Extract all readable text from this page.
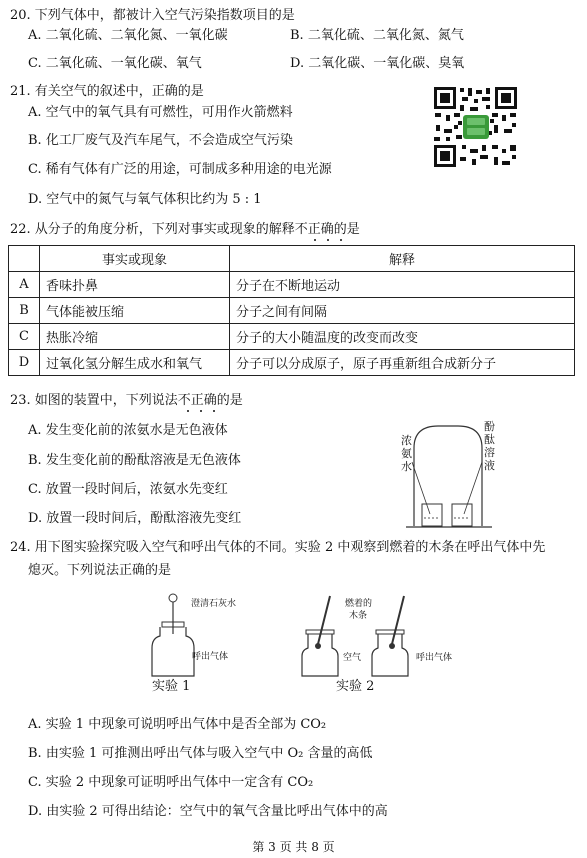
20. 下列气体中，都被计入空气污染指数项目的是
A. 二氧化硫、二氧化氮、一氧化碳	B. 二氧化硫、二氧化氮、氮气
C. 二氧化硫、一氧化碳、氧气	D. 二氧化碳、一氧化碳、臭氧
21. 有关空气的叙述中，正确的是
A. 空气中的氧气具有可燃性，可用作火箭燃料
B. 化工厂废气及汽车尾气，不会造成空气污染
C. 稀有气体有广泛的用途，可制成多种用途的电光源
D. 空气中的氮气与氧气体积比约为 5 : 1
22. 从分子的角度分析，下列对事实或现象的解释不正确的是
	事实或现象	解释
A	香味扑鼻	分子在不断地运动
B	气体能被压缩	分子之间有间隔
C	热胀冷缩	分子的大小随温度的改变而改变
D	过氧化氢分解生成水和氧气	分子可以分成原子，原子再重新组合成新分子
23. 如图的装置中，下列说法不正确的是
A. 发生变化前的浓氨水是无色液体
B. 发生变化前的酚酞溶液是无色液体
C. 放置一段时间后，浓氨水先变红
D. 放置一段时间后，酚酞溶液先变红
浓
氨
水
酚
酞
溶
液
24. 用下图实验探究吸入空气和呼出气体的不同。实验 2 中观察到燃着的木条在呼出气体中先
熄灭。下列说法正确的是
澄清石灰水
呼出气体
实验 1
燃着的
木条
空气	呼出气体
实验 2
A. 实验 1 中现象可说明呼出气体中是否全部为 CO₂
B. 由实验 1 可推测出呼出气体与吸入空气中 O₂ 含量的高低
C. 实验 2 中现象可证明呼出气体中一定含有 CO₂
D. 由实验 2 可得出结论：空气中的氧气含量比呼出气体中的高
第 3 页 共 8 页
